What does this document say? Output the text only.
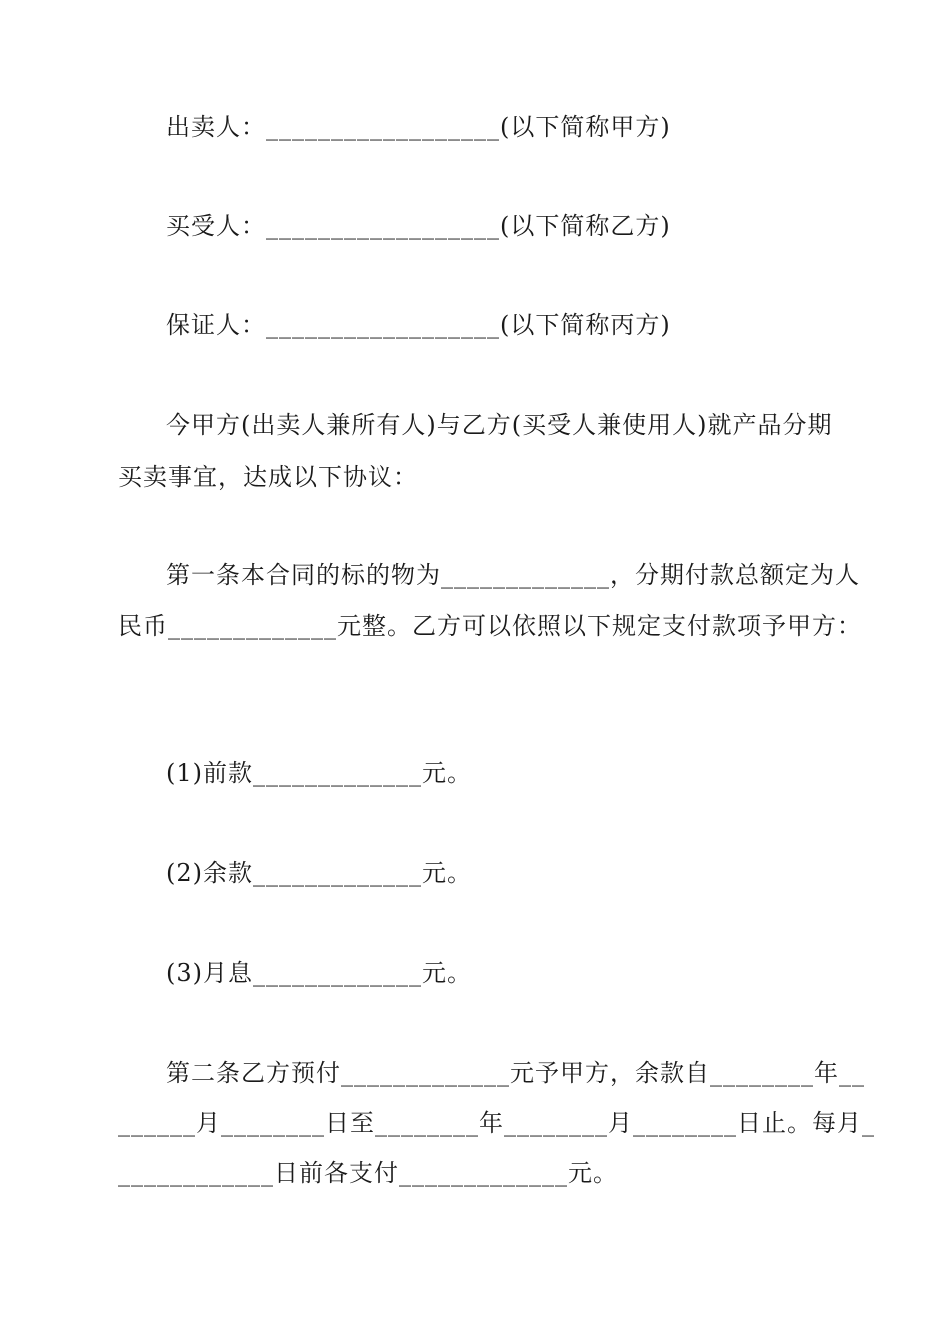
出卖人：__________________(以下简称甲方)
买受人：__________________(以下简称乙方)
保证人：__________________(以下简称丙方)
今甲方(出卖人兼所有人)与乙方(买受人兼使用人)就产品分期
买卖事宜，达成以下协议：
第一条本合同的标的物为_____________，分期付款总额定为人
民币_____________元整。乙方可以依照以下规定支付款项予甲方：
(1)前款_____________元。
(2)余款_____________元。
(3)月息_____________元。
第二条乙方预付_____________元予甲方，余款自________年__
______月________日至________年________月________日止。每月_
____________日前各支付_____________元。
